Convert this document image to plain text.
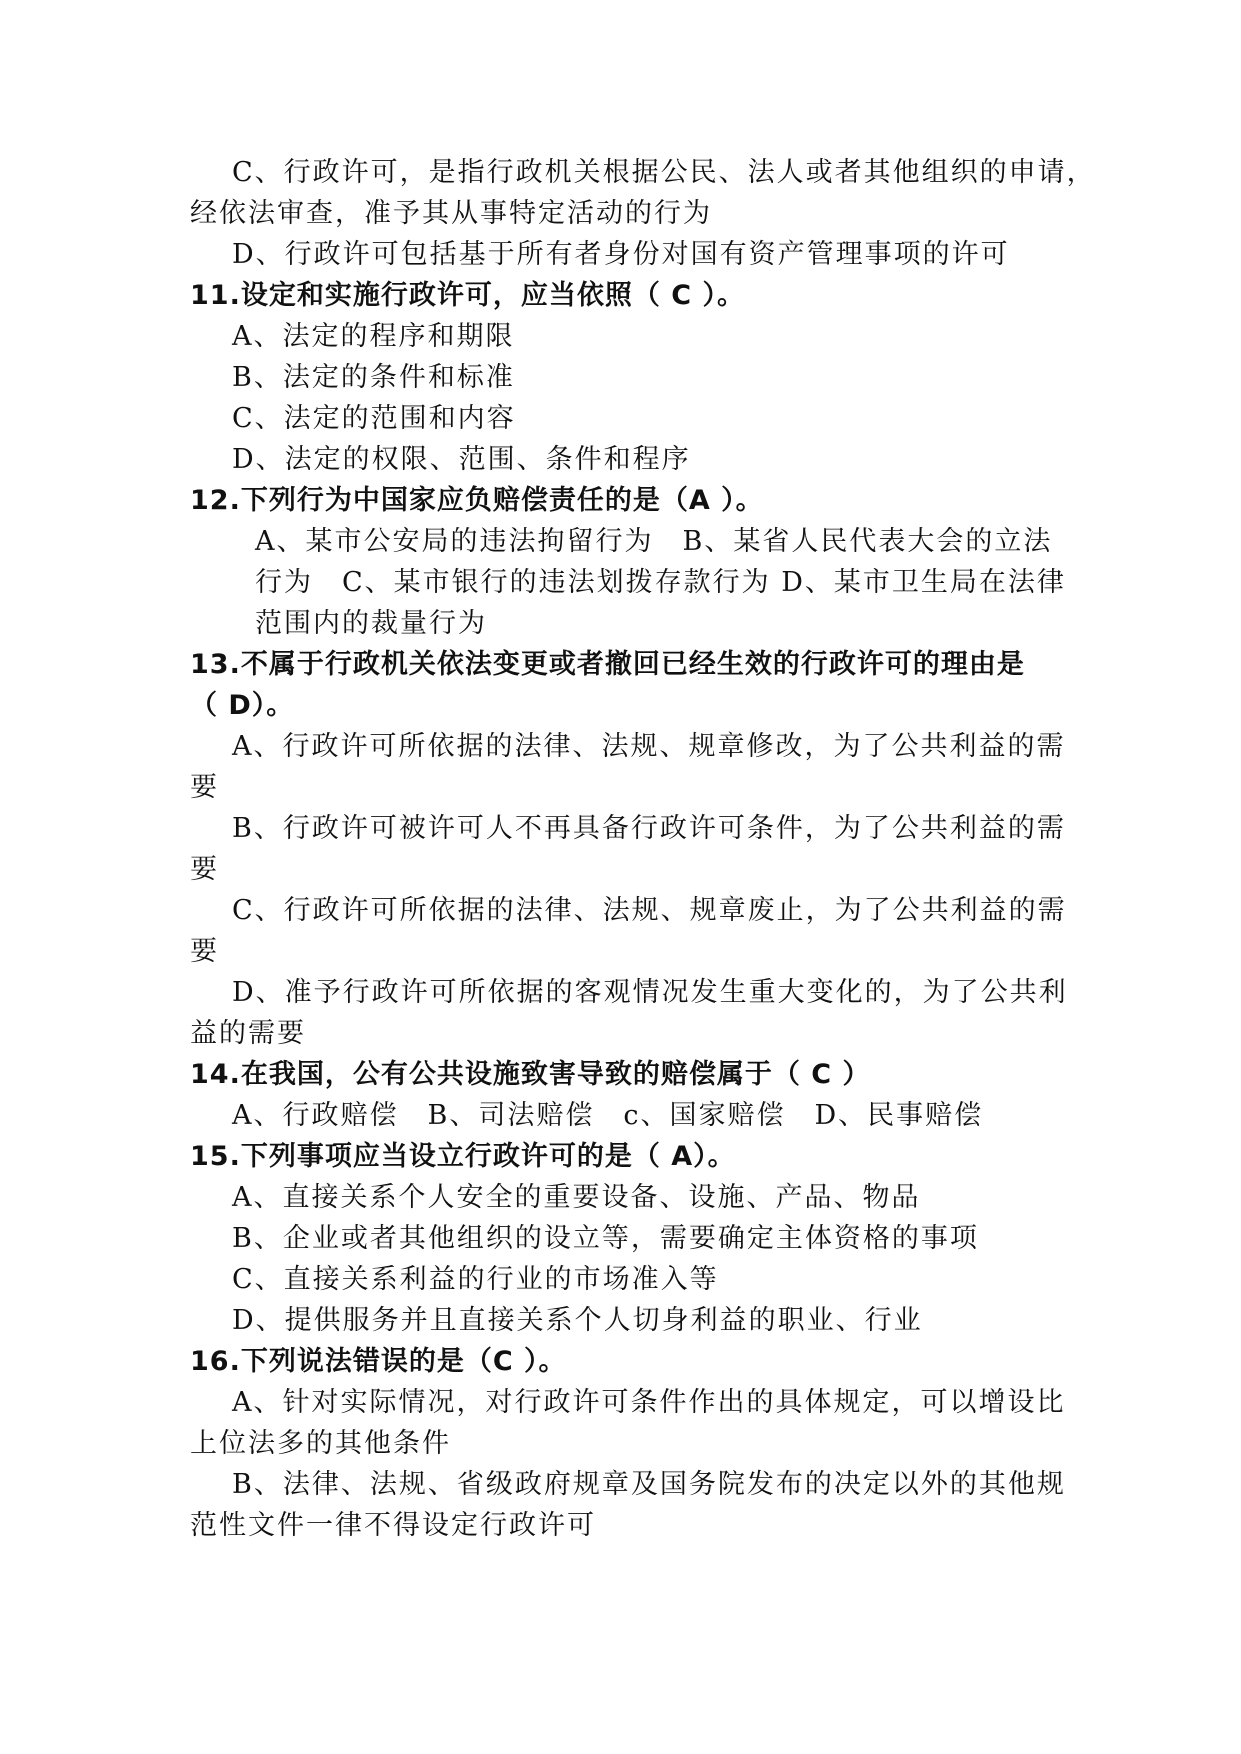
C、行政许可，是指行政机关根据公民、法人或者其他组织的申请，
经依法审查，准予其从事特定活动的行为
D、行政许可包括基于所有者身份对国有资产管理事项的许可
11.设定和实施行政许可，应当依照（ C ）。
A、法定的程序和期限
B、法定的条件和标准
C、法定的范围和内容
D、法定的权限、范围、条件和程序
12.下列行为中国家应负赔偿责任的是（A ）。
A、某市公安局的违法拘留行为　B、某省人民代表大会的立法
行为　C、某市银行的违法划拨存款行为 D、某市卫生局在法律
范围内的裁量行为
13.不属于行政机关依法变更或者撤回已经生效的行政许可的理由是
（ D）。
A、行政许可所依据的法律、法规、规章修改，为了公共利益的需
要
B、行政许可被许可人不再具备行政许可条件，为了公共利益的需
要
C、行政许可所依据的法律、法规、规章废止，为了公共利益的需
要
D、准予行政许可所依据的客观情况发生重大变化的，为了公共利
益的需要
14.在我国，公有公共设施致害导致的赔偿属于（ C ）
A、行政赔偿　B、司法赔偿　c、国家赔偿　D、民事赔偿
15.下列事项应当设立行政许可的是（ A）。
A、直接关系个人安全的重要设备、设施、产品、物品
B、企业或者其他组织的设立等，需要确定主体资格的事项
C、直接关系利益的行业的市场准入等
D、提供服务并且直接关系个人切身利益的职业、行业
16.下列说法错误的是（C ）。
A、针对实际情况，对行政许可条件作出的具体规定，可以增设比
上位法多的其他条件
B、法律、法规、省级政府规章及国务院发布的决定以外的其他规
范性文件一律不得设定行政许可
